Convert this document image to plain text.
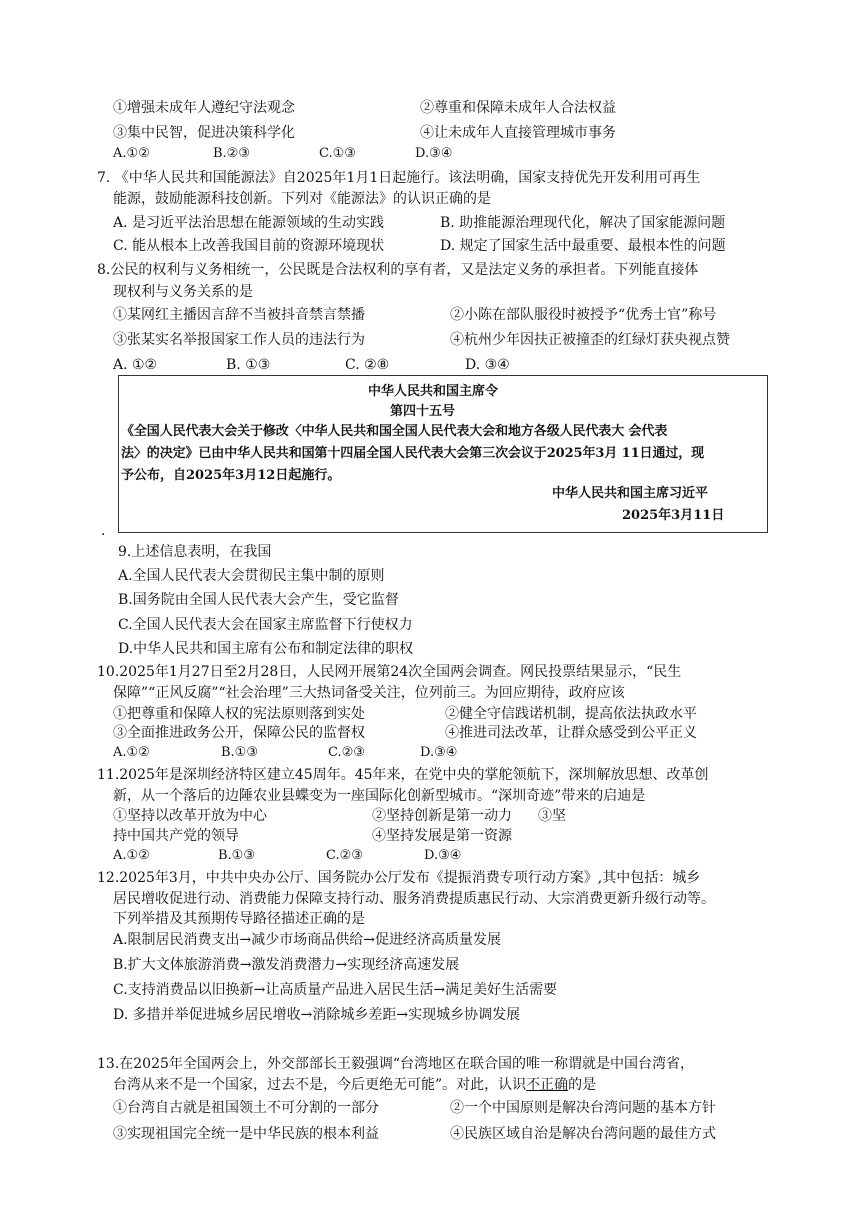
①增强未成年人遵纪守法观念	②尊重和保障未成年人合法权益
③集中民智，促进决策科学化	④让未成年人直接管理城市事务
A.①②	B.②③	C.①③	D.③④
7. 《中华人民共和国能源法》自2025年1月1日起施行。该法明确，国家支持优先开发利用可再生
能源，鼓励能源科技创新。下列对《能源法》的认识正确的是
A. 是习近平法治思想在能源领域的生动实践	B. 助推能源治理现代化，解决了国家能源问题
C. 能从根本上改善我国目前的资源环境现状	D. 规定了国家生活中最重要、最根本性的问题
8.公民的权利与义务相统一，公民既是合法权利的享有者，又是法定义务的承担者。下列能直接体
现权利与义务关系的是
①某网红主播因言辞不当被抖音禁言禁播	②小陈在部队服役时被授予“优秀士官”称号
③张某实名举报国家工作人员的违法行为	④杭州少年因扶正被撞歪的红绿灯获央视点赞
A. ①②	B. ①③	C. ②⑧	D. ③④
中华人民共和国主席令
第四十五号
《全国人民代表大会关于修改〈中华人民共和国全国人民代表大会和地方各级人民代表大 会代表
法〉的决定》已由中华人民共和国第十四届全国人民代表大会第三次会议于2025年3月 11日通过，现
予公布，自2025年3月12日起施行。
中华人民共和国主席习近平
2025年3月11日
.
9.上述信息表明，在我国
A.全国人民代表大会贯彻民主集中制的原则
B.国务院由全国人民代表大会产生，受它监督
C.全国人民代表大会在国家主席监督下行使权力
D.中华人民共和国主席有公布和制定法律的职权
10.2025年1月27日至2月28日，人民网开展第24次全国两会调查。网民投票结果显示，“民生
保障”“正风反腐”“社会治理”三大热词备受关注，位列前三。为回应期待，政府应该
①把尊重和保障人权的宪法原则落到实处	②健全守信践诺机制，提高依法执政水平
③全面推进政务公开，保障公民的监督权	④推进司法改革，让群众感受到公平正义
A.①②	B.①③	C.②③	D.③④
11.2025年是深圳经济特区建立45周年。45年来，在党中央的掌舵领航下，深圳解放思想、改革创
新，从一个落后的边陲农业县蝶变为一座国际化创新型城市。“深圳奇迹”带来的启迪是
①坚持以改革开放为中心	②坚持创新是第一动力 ③坚
持中国共产党的领导	④坚持发展是第一资源
A.①②	B.①③	C.②③	D.③④
12.2025年3月，中共中央办公厅、国务院办公厅发布《提振消费专项行动方案》,其中包括：城乡
居民增收促进行动、消费能力保障支持行动、服务消费提质惠民行动、大宗消费更新升级行动等。
下列举措及其预期传导路径描述正确的是
A.限制居民消费支出→减少市场商品供给→促进经济高质量发展
B.扩大文体旅游消费→激发消费潜力→实现经济高速发展
C.支持消费品以旧换新→让高质量产品进入居民生活→满足美好生活需要
D. 多措并举促进城乡居民增收→消除城乡差距→实现城乡协调发展
13.在2025年全国两会上，外交部部长王毅强调“台湾地区在联合国的唯一称谓就是中国台湾省，
台湾从来不是一个国家，过去不是，今后更绝无可能”。对此，认识不正确的是
①台湾自古就是祖国领土不可分割的一部分	②一个中国原则是解决台湾问题的基本方针
③实现祖国完全统一是中华民族的根本利益	④民族区域自治是解决台湾问题的最佳方式
